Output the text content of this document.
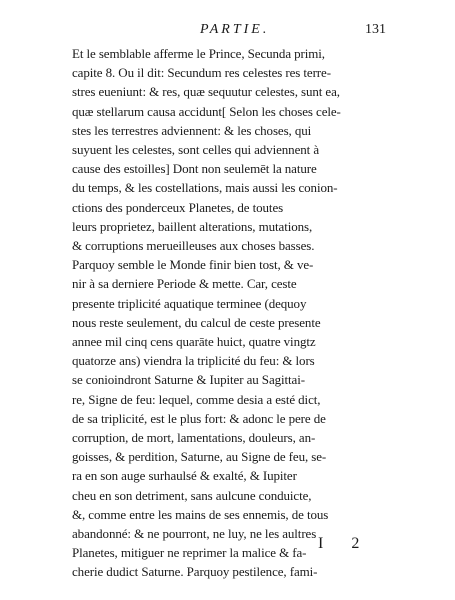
PARTIE.	131
Et le semblable afferme le Prince, Secunda primi,
capite 8. Ou il dit: Secundum res celestes res terre-
stres eueniunt: & res, quæ sequutur celestes, sunt ea,
quæ stellarum causa accidunt[ Selon les choses cele-
stes les terrestres adviennent: & les choses, qui
suyuent les celestes, sont celles qui adviennent à
cause des estoilles] Dont non seulemēt la nature
du temps, & les costellations, mais aussi les conion-
ctions des ponderceux Planetes, de toutes
leurs proprietez, baillent alterations, mutations,
& corruptions merueilleuses aux choses basses.
Parquoy semble le Monde finir bien tost, & ve-
nir à sa derniere Periode & mette. Car, ceste
presente triplicité aquatique terminee (dequoy
nous reste seulement, du calcul de ceste presente
annee mil cinq cens quarāte huict, quatre vingtz
quatorze ans) viendra la triplicité du feu: & lors
se conioindront Saturne & Iupiter au Sagittai-
re, Signe de feu: lequel, comme desia a esté dict,
de sa triplicité, est le plus fort: & adonc le pere de
corruption, de mort, lamentations, douleurs, an-
goisses, & perdition, Saturne, au Signe de feu, se-
ra en son auge surhaulsé & exalté, & Iupiter
cheu en son detriment, sans aulcune conduicte,
&, comme entre les mains de ses ennemis, de tous
abandonné: & ne pourront, ne luy, ne les aultres
Planetes, mitiguer ne reprimer la malice & fa-
cherie dudict Saturne. Parquoy pestilence, fami-
I 2
